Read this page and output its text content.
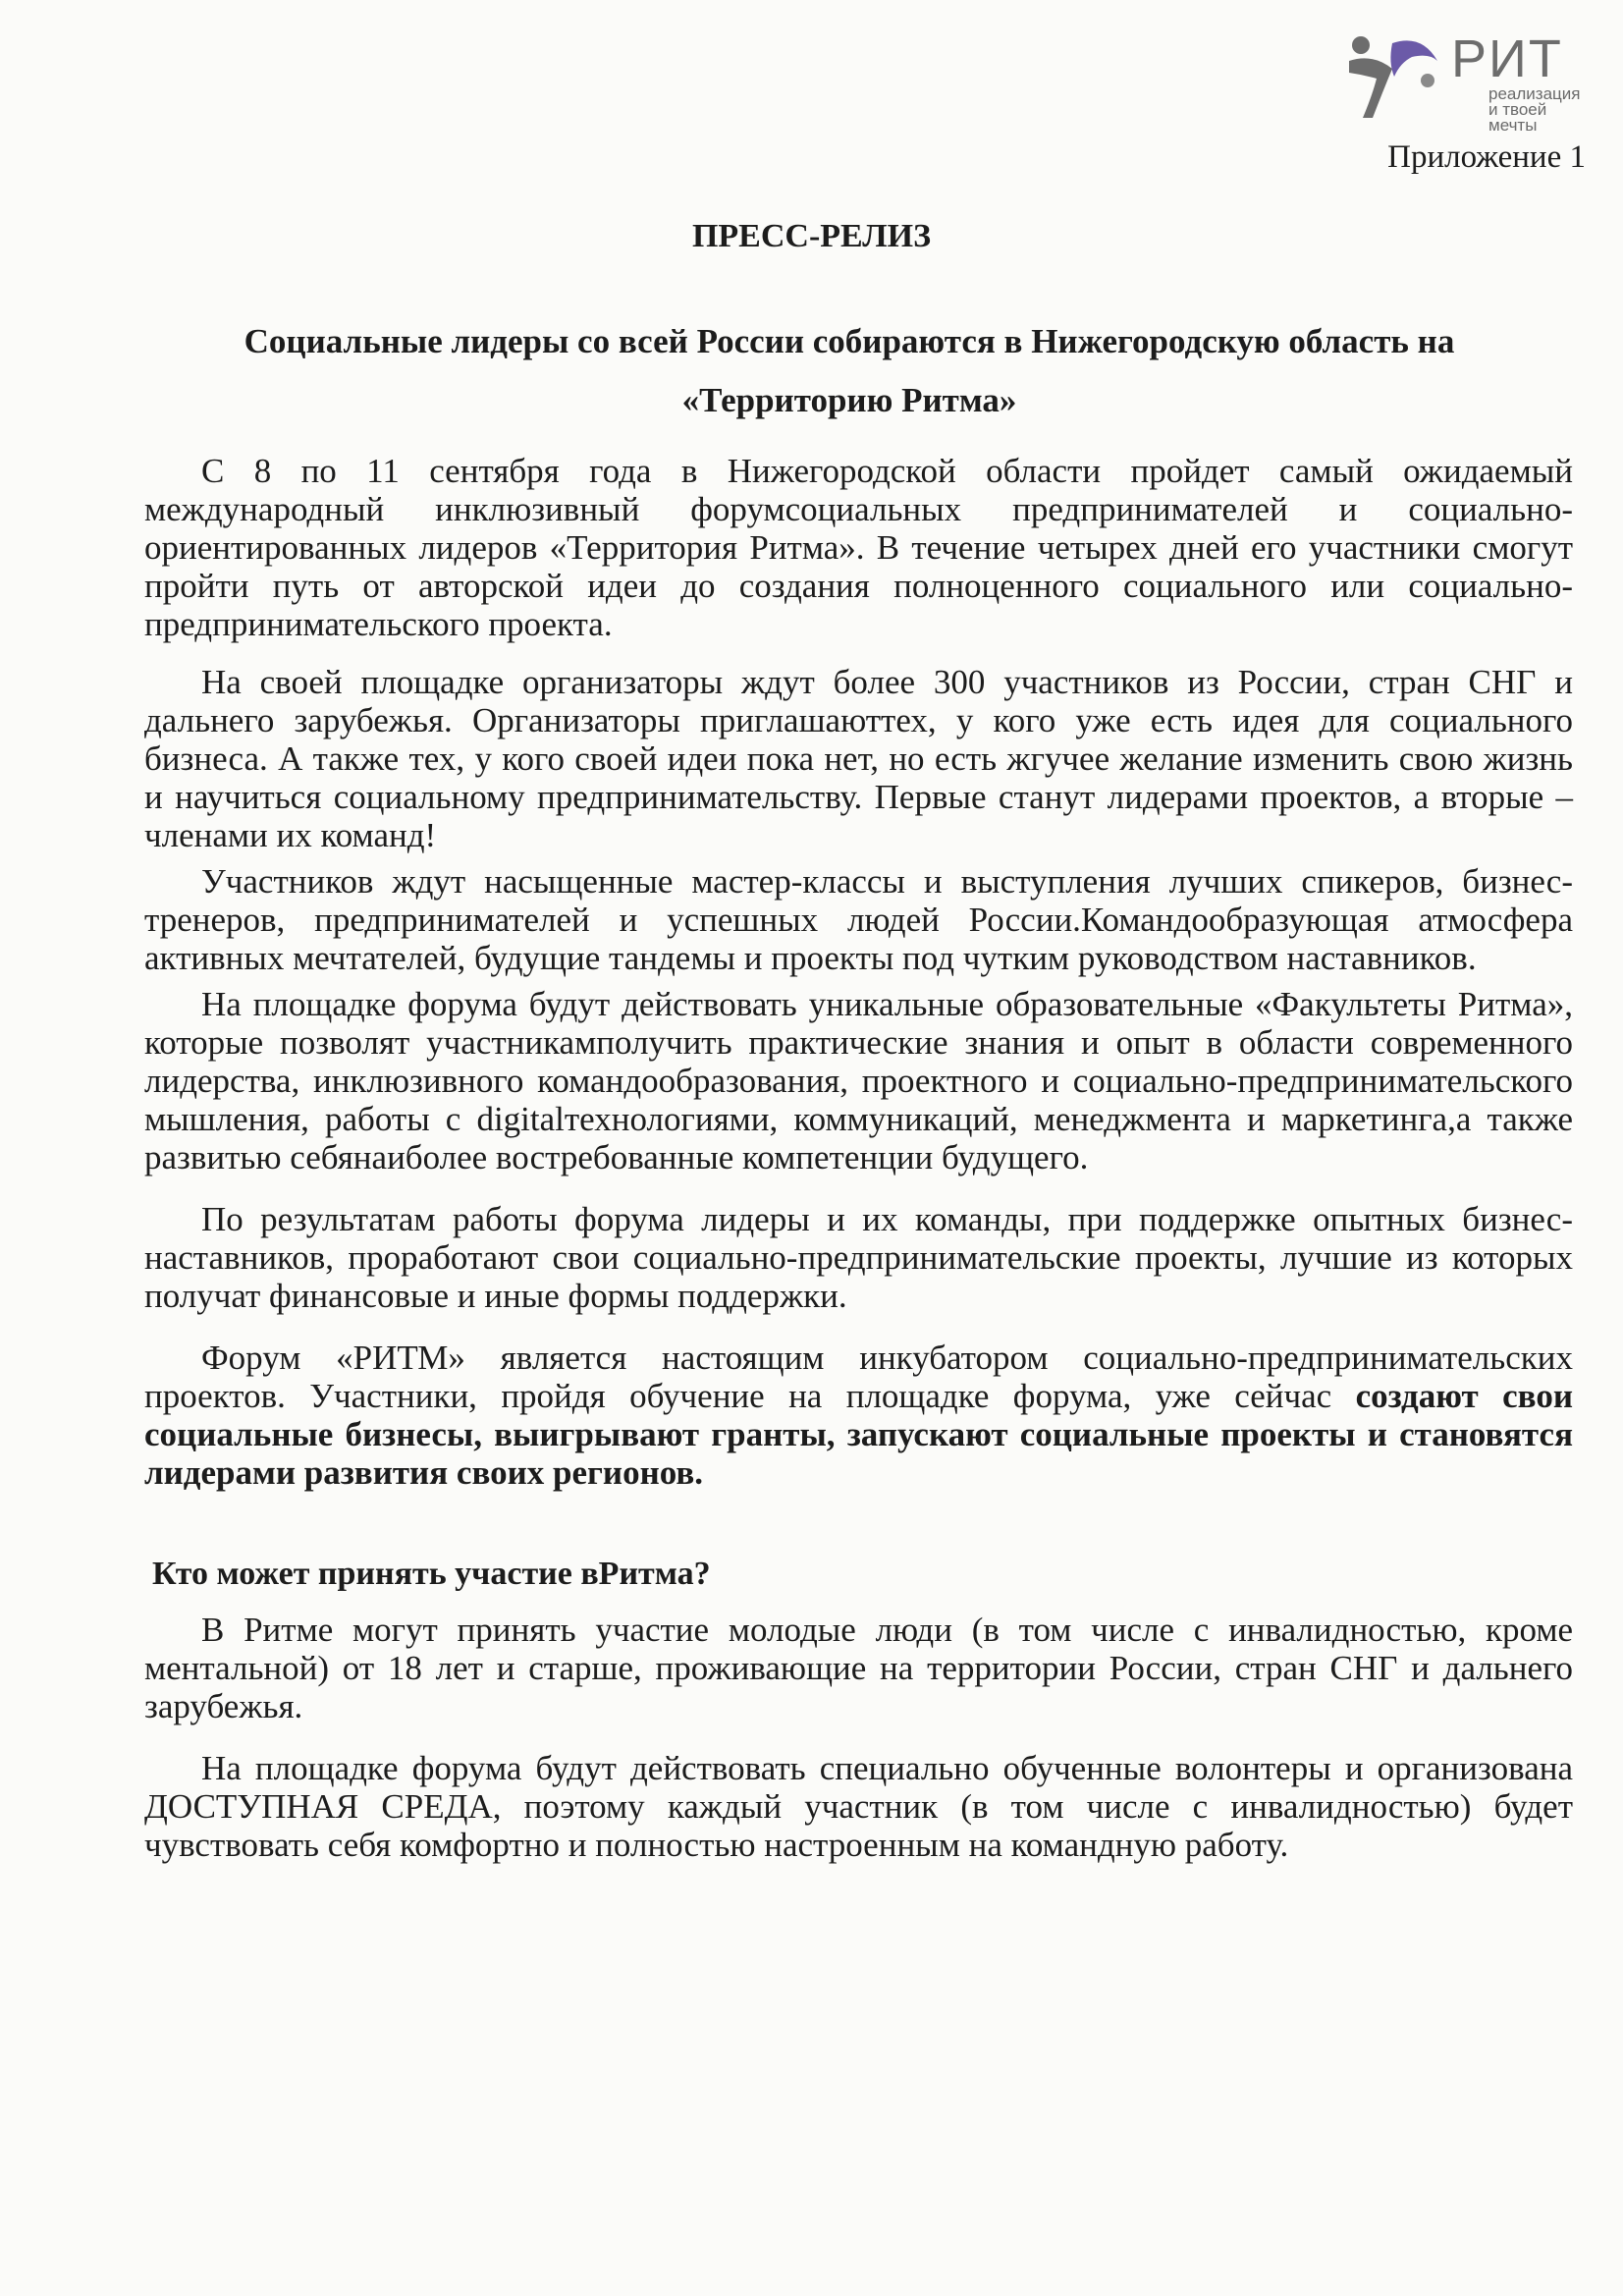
РИТ
реализация и твоей мечты
Приложение 1
ПРЕСС-РЕЛИЗ
Социальные лидеры со всей России собираются в Нижегородскую область на
«Территорию Ритма»

С 8 по 11 сентября года в Нижегородской области пройдет самый ожидаемый международный инклюзивный форумсоциальных предпринимателей и социально-ориентированных лидеров «Территория Ритма». В течение четырех дней его участники смогут пройти путь от авторской идеи до создания полноценного социального или социально-предпринимательского проекта.

На своей площадке организаторы ждут более 300 участников из России, стран СНГ и дальнего зарубежья. Организаторы приглашаюттех, у кого уже есть идея для социального бизнеса. А также тех, у кого своей идеи пока нет, но есть жгучее желание изменить свою жизнь и научиться социальному предпринимательству. Первые станут лидерами проектов, а вторые – членами их команд!

Участников ждут насыщенные мастер-классы и выступления лучших спикеров, бизнес-тренеров, предпринимателей и успешных людей России.Командообразующая атмосфера активных мечтателей, будущие тандемы и проекты под чутким руководством наставников.

На площадке форума будут действовать уникальные образовательные «Факультеты Ритма», которые позволят участникамполучить практические знания и опыт в области современного лидерства, инклюзивного командообразования, проектного и социально-предпринимательского мышления, работы с digitalтехнологиями, коммуникаций, менеджмента и маркетинга,а также развитью себянаиболее востребованные компетенции будущего.

По результатам работы форума лидеры и их команды, при поддержке опытных бизнес-наставников, проработают свои социально-предпринимательские проекты, лучшие из которых получат финансовые и иные формы поддержки.

Форум «РИТМ» является настоящим инкубатором социально-предпринимательских проектов. Участники, пройдя обучение на площадке форума, уже сейчас создают свои социальные бизнесы, выигрывают гранты, запускают социальные проекты и становятся лидерами развития своих регионов.

Кто может принять участие вРитма?

В Ритме могут принять участие молодые люди (в том числе с инвалидностью, кроме ментальной) от 18 лет и старше, проживающие на территории России, стран СНГ и дальнего зарубежья.

На площадке форума будут действовать специально обученные волонтеры и организована ДОСТУПНАЯ СРЕДА, поэтому каждый участник (в том числе с инвалидностью) будет чувствовать себя комфортно и полностью настроенным на командную работу.
